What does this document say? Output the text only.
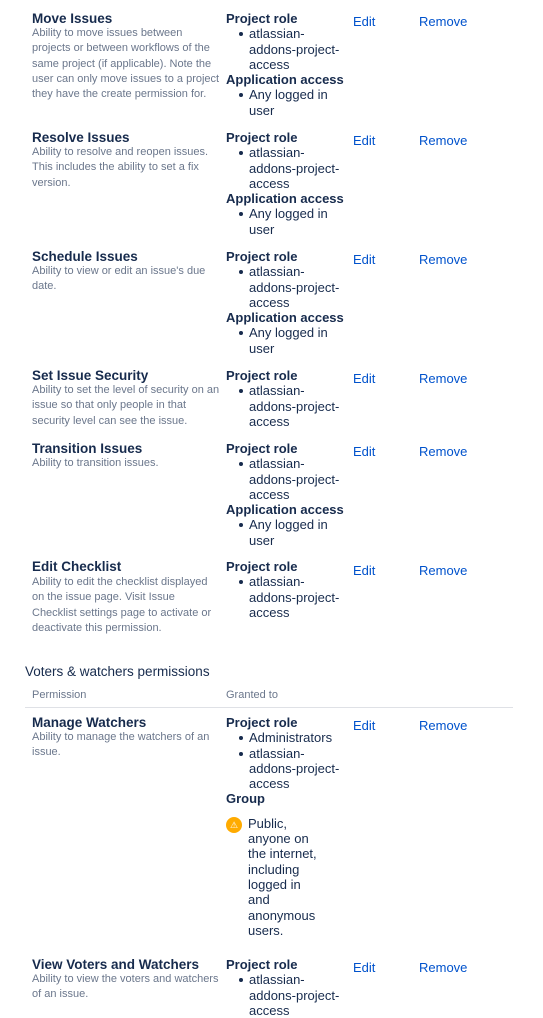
Move Issues
Ability to move issues between projects or between workflows of the same project (if applicable). Note the user can only move issues to a project they have the create permission for.
Project role
atlassian-addons-project-access
Application access
Any logged in user
Edit	Remove
Resolve Issues
Ability to resolve and reopen issues. This includes the ability to set a fix version.
Project role
atlassian-addons-project-access
Application access
Any logged in user
Edit	Remove
Schedule Issues
Ability to view or edit an issue's due date.
Project role
atlassian-addons-project-access
Application access
Any logged in user
Edit	Remove
Set Issue Security
Ability to set the level of security on an issue so that only people in that security level can see the issue.
Project role
atlassian-addons-project-access
Edit	Remove
Transition Issues
Ability to transition issues.
Project role
atlassian-addons-project-access
Application access
Any logged in user
Edit	Remove
Edit Checklist
Ability to edit the checklist displayed on the issue page. Visit Issue Checklist settings page to activate or deactivate this permission.
Project role
atlassian-addons-project-access
Edit	Remove
Voters & watchers permissions
Permission	Granted to
Manage Watchers
Ability to manage the watchers of an issue.
Project role
Administrators
atlassian-addons-project-access
Group
⚠ Public, anyone on the internet, including logged in and anonymous users.
Edit	Remove
View Voters and Watchers
Ability to view the voters and watchers of an issue.
Project role
atlassian-addons-project-access
Edit	Remove
